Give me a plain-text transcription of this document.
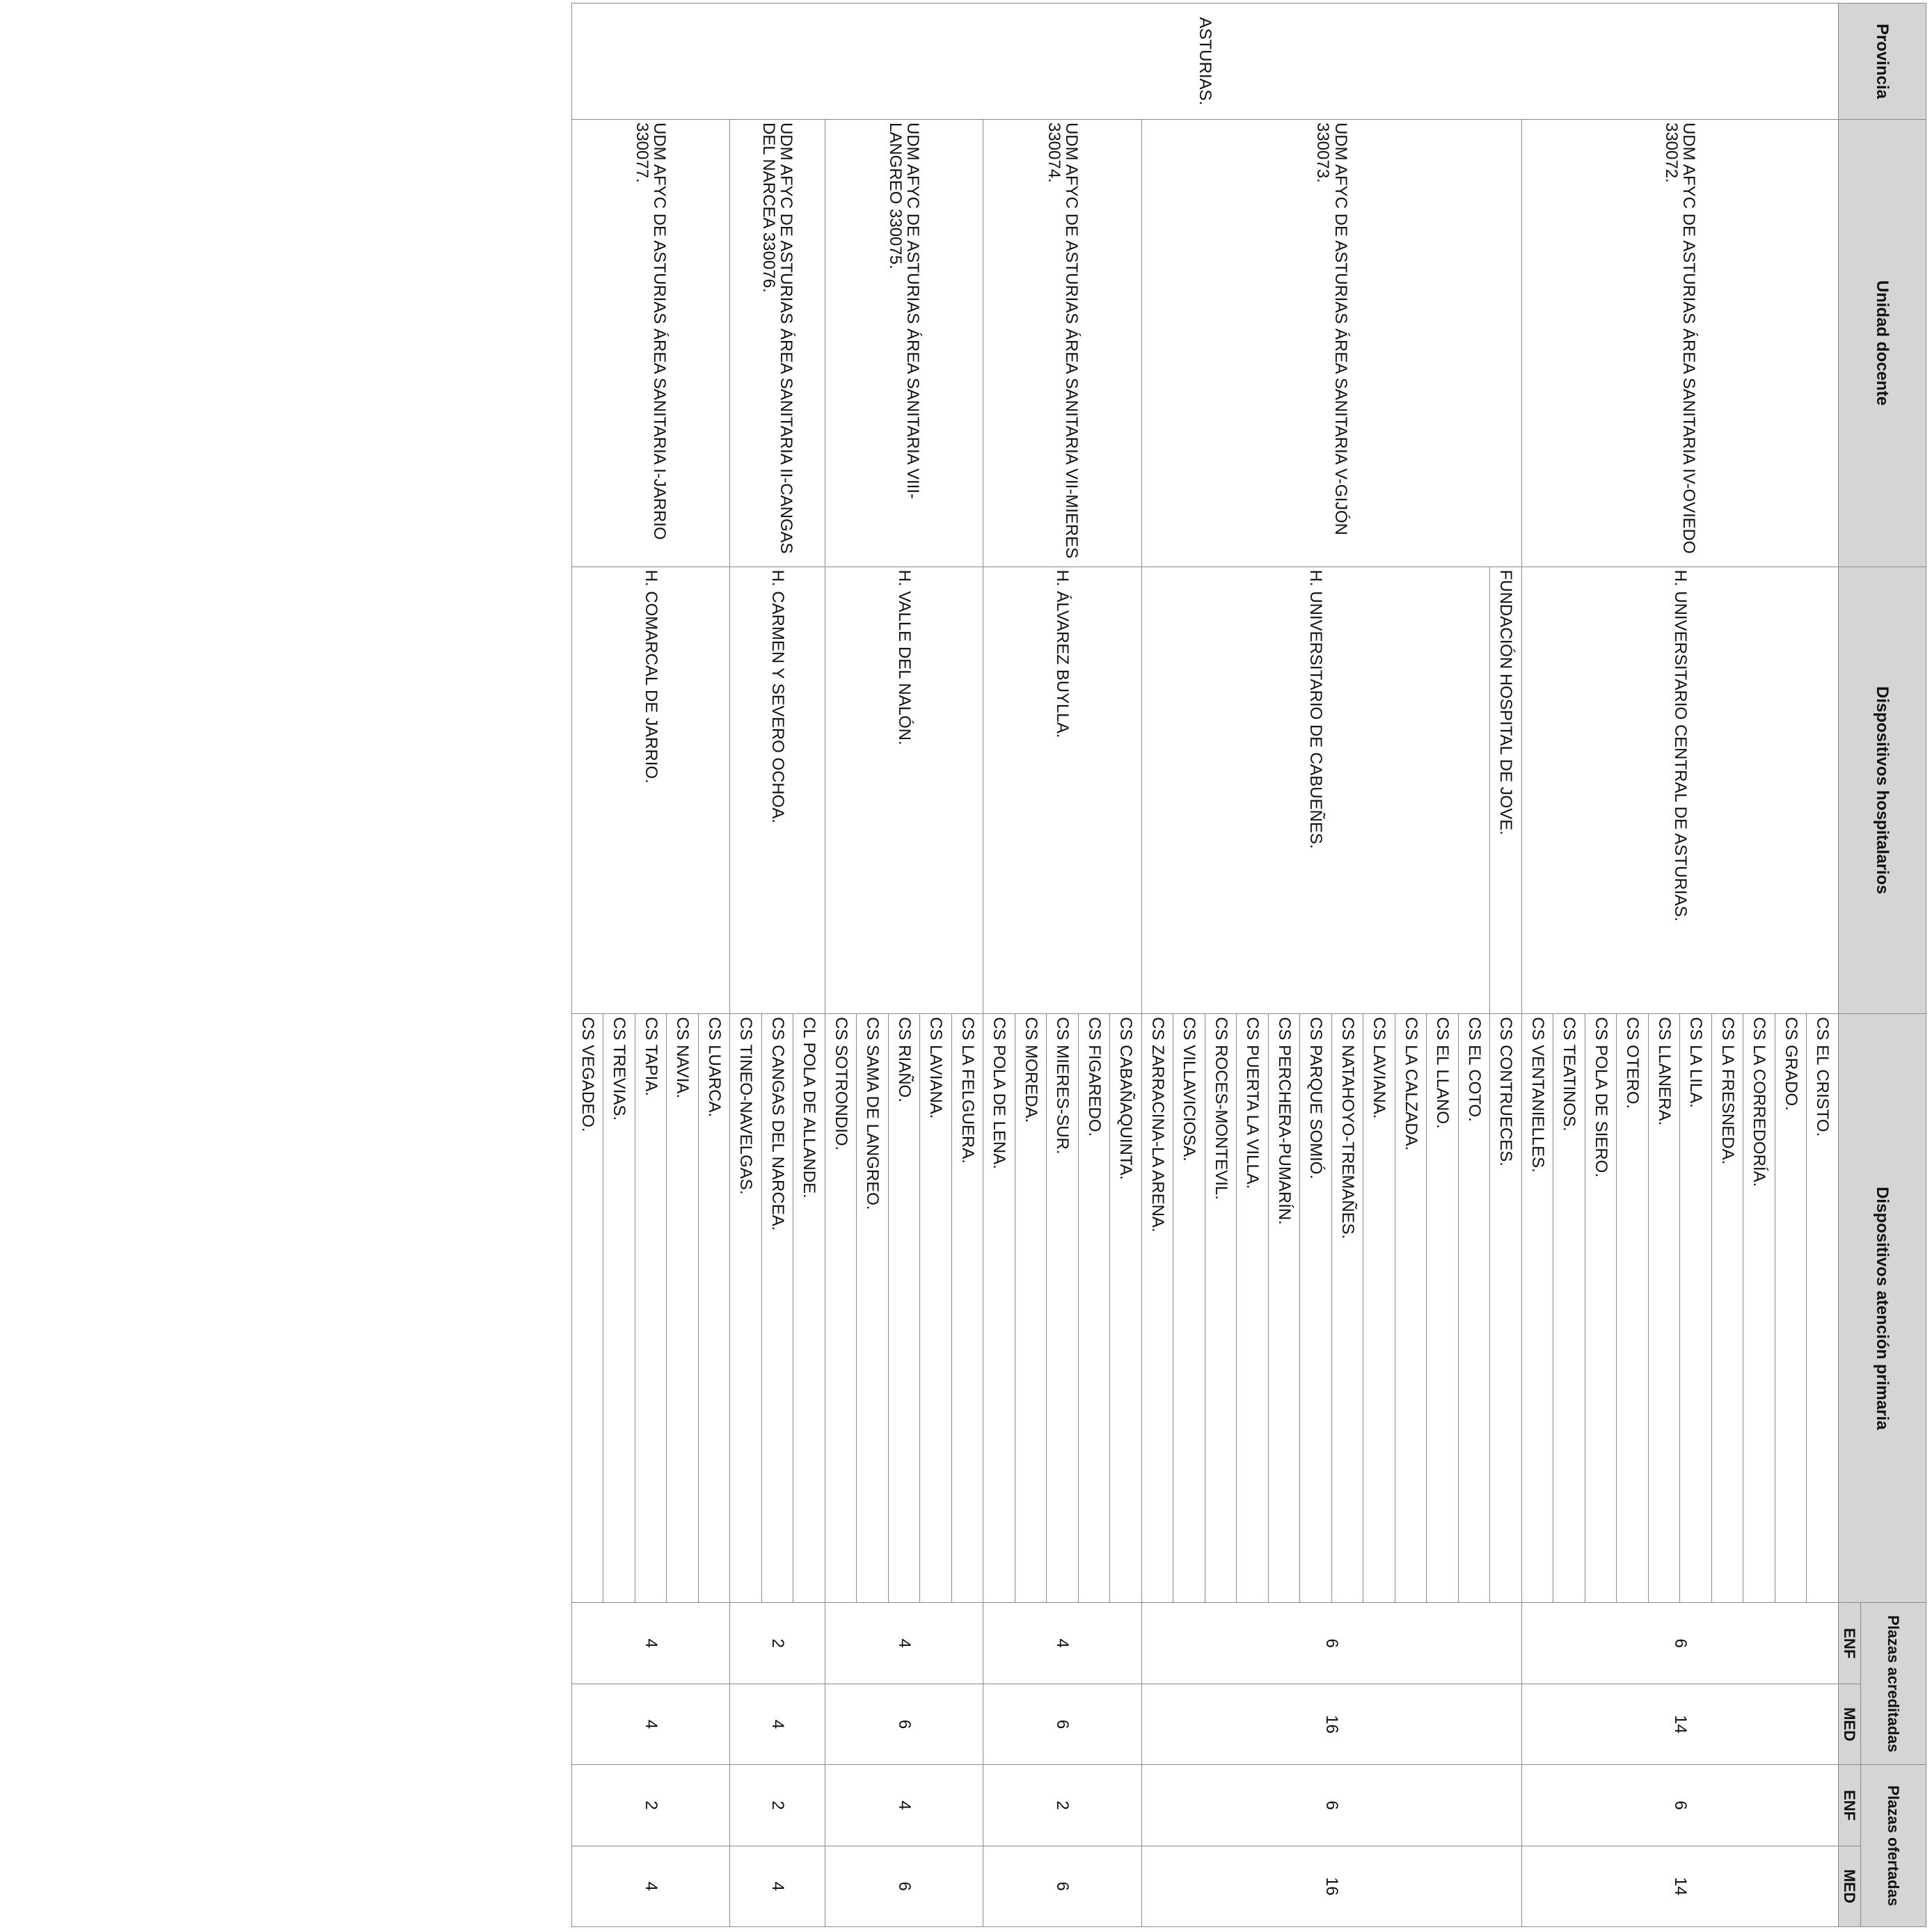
Provincia	Unidad docente	Dispositivos hospitalarios	Dispositivos atención primaria	Plazas acreditadas		Plazas ofertadas	
				ENF	MED	ENF	MED
ASTURIAS.	UDM AFYC DE ASTURIAS ÁREA SANITARIA IV-OVIEDO 330072.	H. UNIVERSITARIO CENTRAL DE ASTURIAS.	CS EL CRISTO.	6	14	6	14
			CS GRADO.				
			CS LA CORREDORÍA.				
			CS LA FRESNEDA.				
			CS LA LILA.				
			CS LLANERA.				
			CS OTERO.				
			CS POLA DE SIERO.				
			CS TEATINOS.				
			CS VENTANIELLES.				
	UDM AFYC DE ASTURIAS ÁREA SANITARIA V-GIJÓN 330073.	FUNDACIÓN HOSPITAL DE JOVE.	CS CONTRUECES.	6	16	6	16
		H. UNIVERSITARIO DE CABUEÑES.	CS EL COTO.				
			CS EL LLANO.				
			CS LA CALZADA.				
			CS LAVIANA.				
			CS NATAHOYO-TREMAÑES.				
			CS PARQUE SOMIÓ.				
			CS PERCHERA-PUMARÍN.				
			CS PUERTA LA VILLA.				
			CS ROCES-MONTEVIL.				
			CS VILLAVICIOSA.				
			CS ZARRACINA-LA ARENA.				
	UDM AFYC DE ASTURIAS ÁREA SANITARIA VII-MIERES 330074.	H. ÁLVAREZ BUYLLA.	CS CABAÑAQUINTA.	4	6	2	6
			CS FIGAREDO.				
			CS MIERES-SUR.				
			CS MOREDA.				
			CS POLA DE LENA.				
	UDM AFYC DE ASTURIAS ÁREA SANITARIA VIII-LANGREO 330075.	H. VALLE DEL NALÓN.	CS LA FELGUERA.	4	6	4	6
			CS LAVIANA.				
			CS RIAÑO.				
			CS SAMA DE LANGREO.				
			CS SOTRONDIO.				
	UDM AFYC DE ASTURIAS ÁREA SANITARIA II-CANGAS DEL NARCEA 330076.	H. CARMEN Y SEVERO OCHOA.	CL POLA DE ALLANDE.	2	4	2	4
			CS CANGAS DEL NARCEA.				
			CS TINEO-NAVELGAS.				
	UDM AFYC DE ASTURIAS ÁREA SANITARIA I-JARRIO 330077.	H. COMARCAL DE JARRIO.	CS LUARCA.	4	4	2	4
			CS NAVIA.				
			CS TAPIA.				
			CS TREVIAS.				
			CS VEGADEO.				
